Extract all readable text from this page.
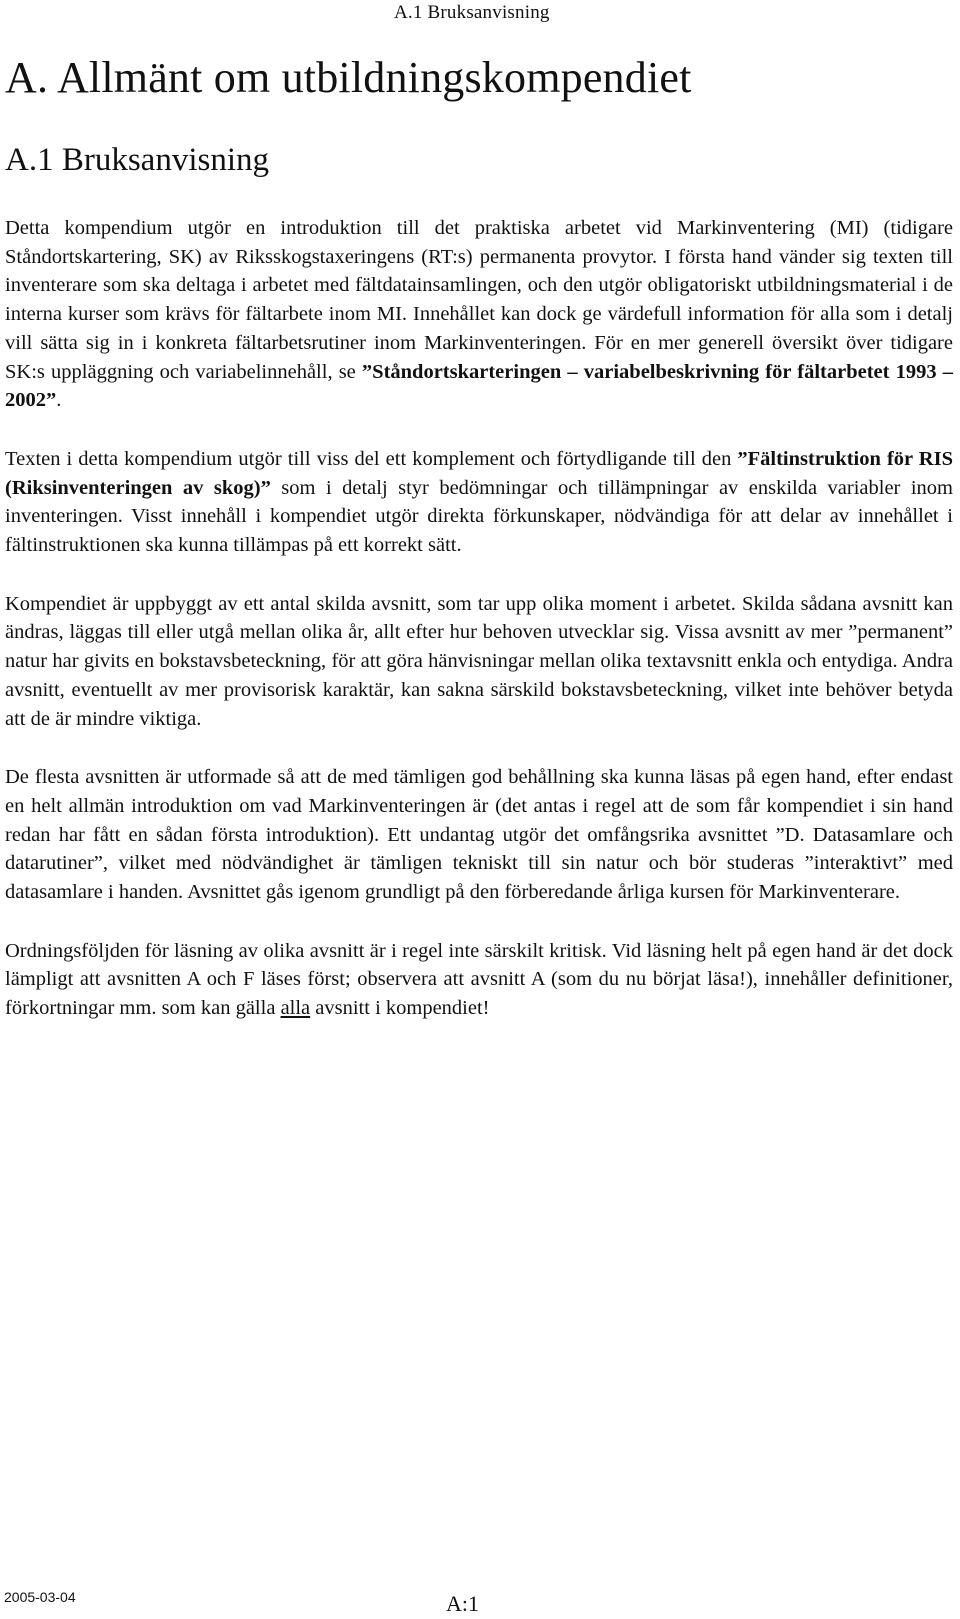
A.1 Bruksanvisning
A. Allmänt om utbildningskompendiet
A.1 Bruksanvisning

Detta kompendium utgör en introduktion till det praktiska arbetet vid Markinventering (MI) (tidigare Ståndortskartering, SK) av Riksskogstaxeringens (RT:s) permanenta provytor. I första hand vänder sig texten till inventerare som ska deltaga i arbetet med fältdatainsamlingen, och den utgör obligatoriskt utbildningsmaterial i de interna kurser som krävs för fältarbete inom MI. Innehållet kan dock ge värdefull information för alla som i detalj vill sätta sig in i konkreta fältarbetsrutiner inom Markinventeringen. För en mer generell översikt över tidigare SK:s uppläggning och variabelinnehåll, se ”Ståndortskarteringen – variabelbeskrivning för fältarbetet 1993 – 2002”.

Texten i detta kompendium utgör till viss del ett komplement och förtydligande till den ”Fältinstruktion för RIS (Riksinventeringen av skog)” som i detalj styr bedömningar och tillämpningar av enskilda variabler inom inventeringen. Visst innehåll i kompendiet utgör direkta förkunskaper, nödvändiga för att delar av innehållet i fältinstruktionen ska kunna tillämpas på ett korrekt sätt.

Kompendiet är uppbyggt av ett antal skilda avsnitt, som tar upp olika moment i arbetet. Skilda sådana avsnitt kan ändras, läggas till eller utgå mellan olika år, allt efter hur behoven utvecklar sig. Vissa avsnitt av mer ”permanent” natur har givits en bokstavsbeteckning, för att göra hänvisningar mellan olika textavsnitt enkla och entydiga. Andra avsnitt, eventuellt av mer provisorisk karaktär, kan sakna särskild bokstavsbeteckning, vilket inte behöver betyda att de är mindre viktiga.

De flesta avsnitten är utformade så att de med tämligen god behållning ska kunna läsas på egen hand, efter endast en helt allmän introduktion om vad Markinventeringen är (det antas i regel att de som får kompendiet i sin hand redan har fått en sådan första introduktion). Ett undantag utgör det omfångsrika avsnittet ”D. Datasamlare och datarutiner”, vilket med nödvändighet är tämligen tekniskt till sin natur och bör studeras ”interaktivt” med datasamlare i handen. Avsnittet gås igenom grundligt på den förberedande årliga kursen för Markinventerare.

Ordningsföljden för läsning av olika avsnitt är i regel inte särskilt kritisk. Vid läsning helt på egen hand är det dock lämpligt att avsnitten A och F läses först; observera att avsnitt A (som du nu börjat läsa!), innehåller definitioner, förkortningar mm. som kan gälla alla avsnitt i kompendiet!

2005-03-04	A:1
